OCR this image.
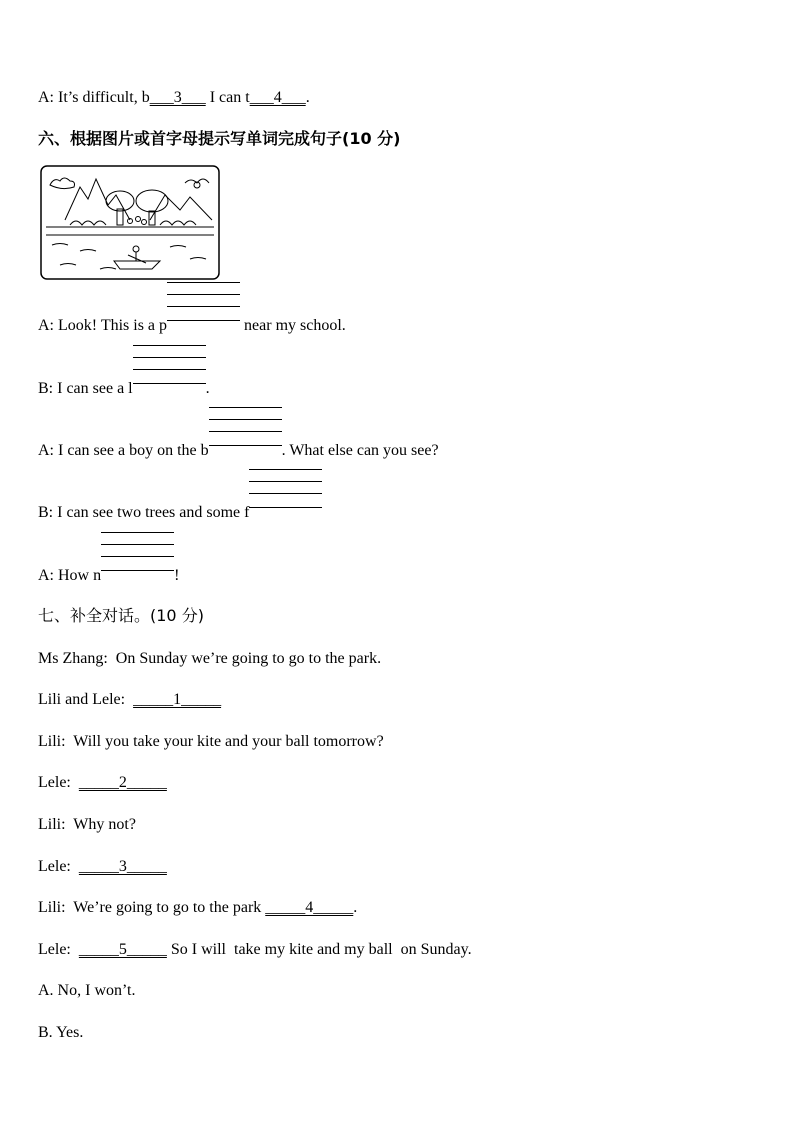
A: It’s difficult, b___3___ I can t___4___.
六、根据图片或首字母提示写单词完成句子(10 分)
A: Look! This is a p	near my school.
B: I can see a l	.
A: I can see a boy on the b	. What else can you see?
B: I can see two trees and some f
A: How n	!
七、补全对话。(10 分)
Ms Zhang:  On Sunday we’re going to go to the park.
Lili and Lele: _____1_____
Lili:  Will you take your kite and your ball tomorrow?
Lele: _____2_____
Lili:  Why not?
Lele: _____3_____
Lili:  We’re going to go to the park _____4_____.
Lele: _____5_____ So I will  take my kite and my ball  on Sunday.
A. No, I won’t.
B. Yes.
